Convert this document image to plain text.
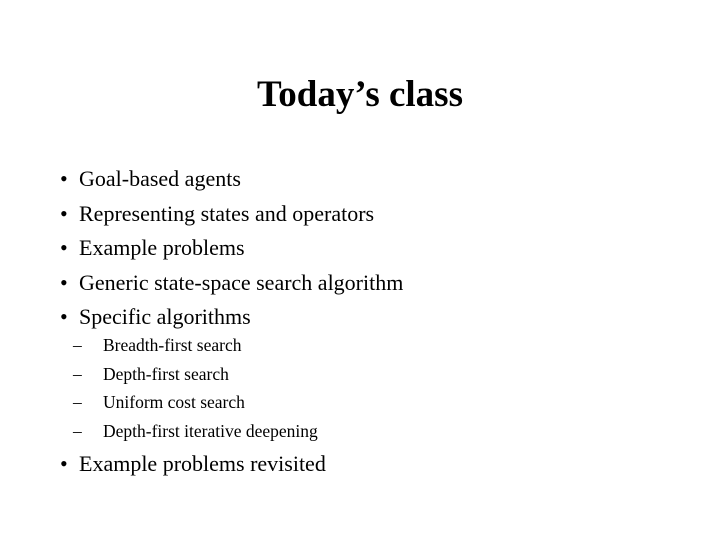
Today’s class
• Goal-based agents
• Representing states and operators
• Example problems
• Generic state-space search algorithm
• Specific algorithms
– Breadth-first search
– Depth-first search
– Uniform cost search
– Depth-first iterative deepening
• Example problems revisited
